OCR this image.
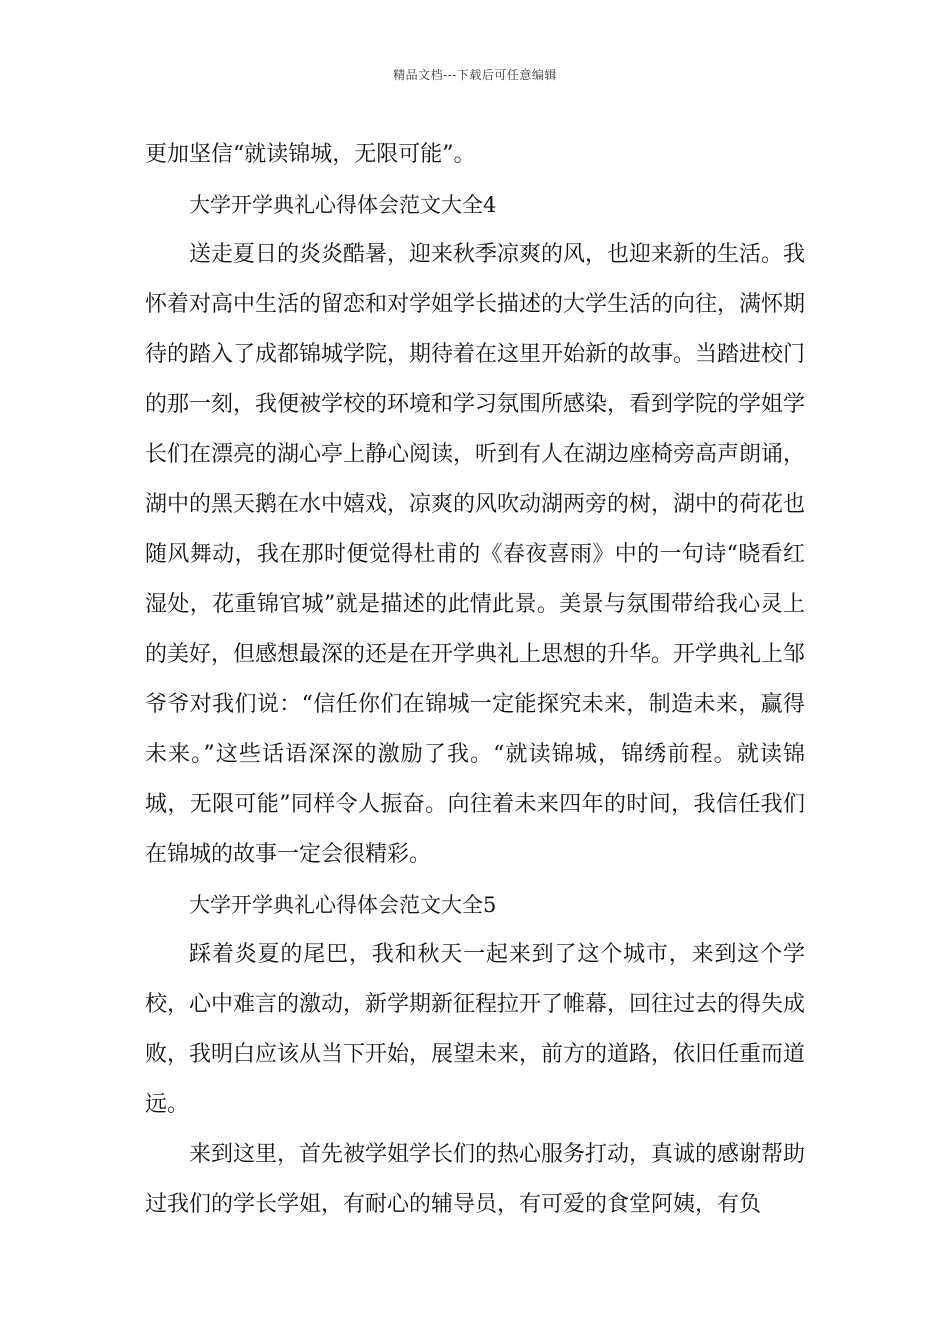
精品文档---下载后可任意编辑

更加坚信“就读锦城，无限可能”。

大学开学典礼心得体会范文大全4

送走夏日的炎炎酷暑，迎来秋季凉爽的风，也迎来新的生活。我怀着对高中生活的留恋和对学姐学长描述的大学生活的向往，满怀期待的踏入了成都锦城学院，期待着在这里开始新的故事。当踏进校门的那一刻，我便被学校的环境和学习氛围所感染，看到学院的学姐学长们在漂亮的湖心亭上静心阅读，听到有人在湖边座椅旁高声朗诵，湖中的黑天鹅在水中嬉戏，凉爽的风吹动湖两旁的树，湖中的荷花也随风舞动，我在那时便觉得杜甫的《春夜喜雨》中的一句诗“晓看红湿处，花重锦官城”就是描述的此情此景。美景与氛围带给我心灵上的美好，但感想最深的还是在开学典礼上思想的升华。开学典礼上邹爷爷对我们说：“信任你们在锦城一定能探究未来，制造未来，赢得未来。”这些话语深深的激励了我。“就读锦城，锦绣前程。就读锦城，无限可能”同样令人振奋。向往着未来四年的时间，我信任我们在锦城的故事一定会很精彩。

大学开学典礼心得体会范文大全5

踩着炎夏的尾巴，我和秋天一起来到了这个城市，来到这个学校，心中难言的激动，新学期新征程拉开了帷幕，回往过去的得失成败，我明白应该从当下开始，展望未来，前方的道路，依旧任重而道远。

来到这里，首先被学姐学长们的热心服务打动，真诚的感谢帮助过我们的学长学姐，有耐心的辅导员，有可爱的食堂阿姨，有负
